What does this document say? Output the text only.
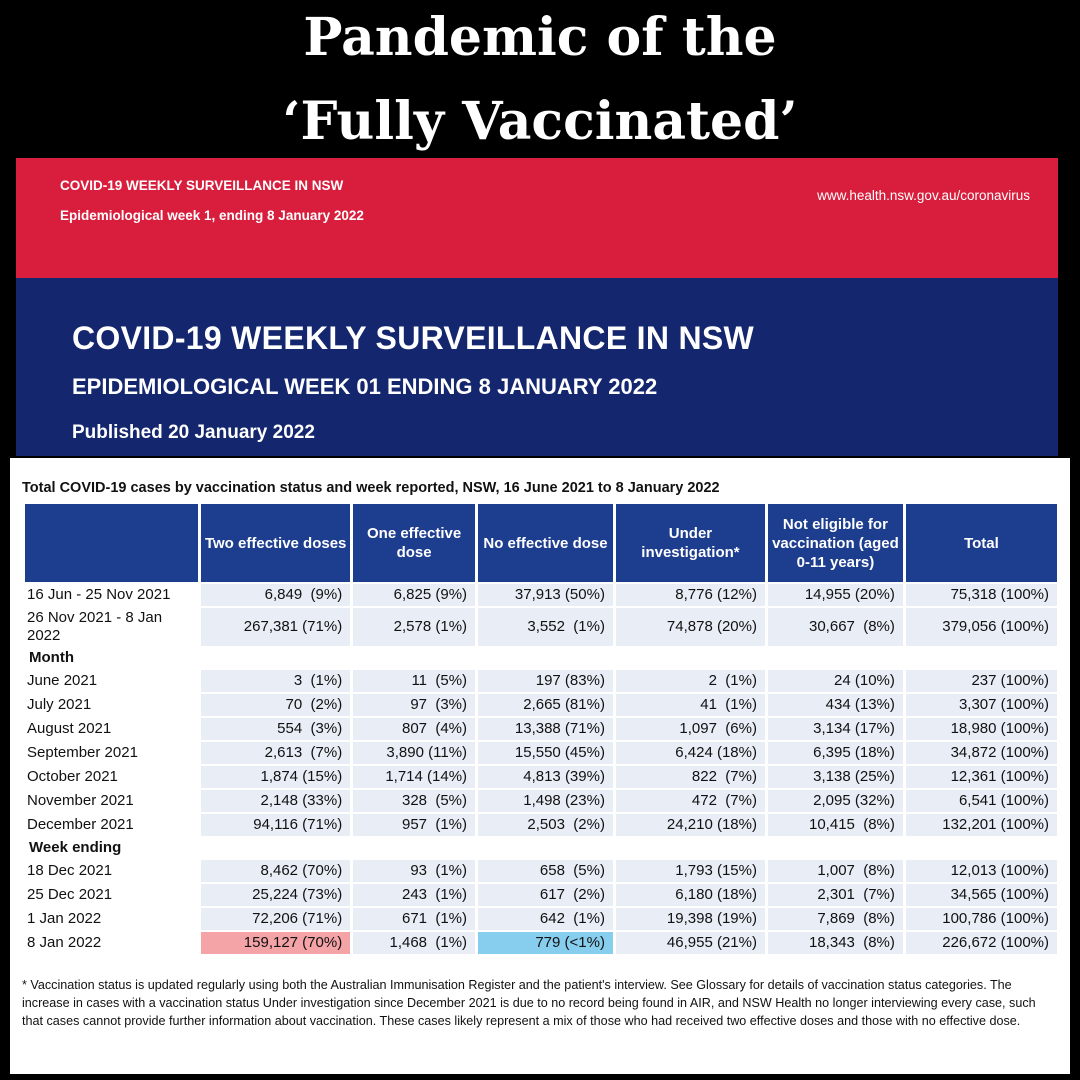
Pandemic of the
‘Fully Vaccinated’
COVID-19 WEEKLY SURVEILLANCE IN NSW
Epidemiological week 1, ending 8 January 2022
www.health.nsw.gov.au/coronavirus
COVID-19 WEEKLY SURVEILLANCE IN NSW
EPIDEMIOLOGICAL WEEK 01 ENDING 8 JANUARY 2022
Published 20 January 2022
Total COVID-19 cases by vaccination status and week reported, NSW, 16 June 2021 to 8 January 2022
	Two effective doses	One effective dose	No effective dose	Under investigation*	Not eligible for vaccination (aged 0-11 years)	Total
16 Jun - 25 Nov 2021	6,849  (9%)	6,825 (9%)	37,913 (50%)	8,776 (12%)	14,955 (20%)	75,318 (100%)
26 Nov 2021 - 8 Jan 2022	267,381 (71%)	2,578 (1%)	3,552  (1%)	74,878 (20%)	30,667  (8%)	379,056 (100%)
Month						
June 2021	3  (1%)	11  (5%)	197 (83%)	2  (1%)	24 (10%)	237 (100%)
July 2021	70  (2%)	97  (3%)	2,665 (81%)	41  (1%)	434 (13%)	3,307 (100%)
August 2021	554  (3%)	807  (4%)	13,388 (71%)	1,097  (6%)	3,134 (17%)	18,980 (100%)
September 2021	2,613  (7%)	3,890 (11%)	15,550 (45%)	6,424 (18%)	6,395 (18%)	34,872 (100%)
October 2021	1,874 (15%)	1,714 (14%)	4,813 (39%)	822  (7%)	3,138 (25%)	12,361 (100%)
November 2021	2,148 (33%)	328  (5%)	1,498 (23%)	472  (7%)	2,095 (32%)	6,541 (100%)
December 2021	94,116 (71%)	957  (1%)	2,503  (2%)	24,210 (18%)	10,415  (8%)	132,201 (100%)
Week ending						
18 Dec 2021	8,462 (70%)	93  (1%)	658  (5%)	1,793 (15%)	1,007  (8%)	12,013 (100%)
25 Dec 2021	25,224 (73%)	243  (1%)	617  (2%)	6,180 (18%)	2,301  (7%)	34,565 (100%)
1 Jan 2022	72,206 (71%)	671  (1%)	642  (1%)	19,398 (19%)	7,869  (8%)	100,786 (100%)
8 Jan 2022	159,127 (70%)	1,468  (1%)	779 (<1%)	46,955 (21%)	18,343  (8%)	226,672 (100%)
* Vaccination status is updated regularly using both the Australian Immunisation Register and the patient's interview. See Glossary for details of vaccination status categories. The increase in cases with a vaccination status Under investigation since December 2021 is due to no record being found in AIR, and NSW Health no longer interviewing every case, such that cases cannot provide further information about vaccination. These cases likely represent a mix of those who had received two effective doses and those with no effective dose.
